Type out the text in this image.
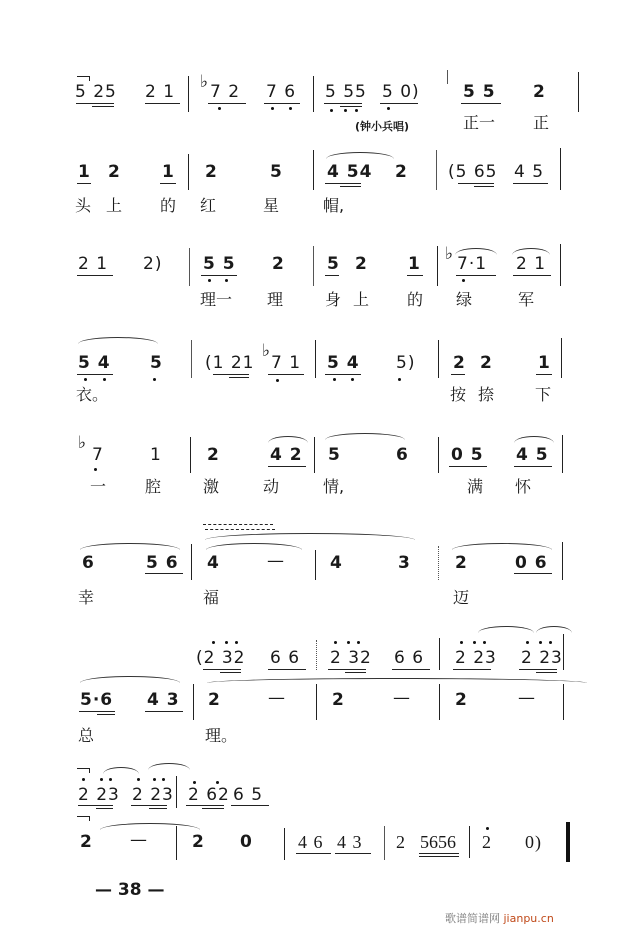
5 25 2 1 ♭ 7 2 7 6 5 55 5 0)	5 5 2
(钟小兵唱)	正一 正
1 2 1 2	5	4 54 2 (5 65 4 5
头 上 的 红	星	帽,
2 1 2) 5 5 2 5 2 1 ♭ 7·1 2 1
理一 理	身 上 的 绿	军
5 4 5 (1 21
♭
7 1 5 4 5) 2 2	1
衣。	按 捺	下
♭
7	1	2	4 2 5	6 0 5 4 5
一 腔	激	动	情,	满 怀
6	5 6 4	—	4	3	2	0 6
幸	福	迈
(2 32 6 6 2 32 6 6 2 23 2 23
5·6 4 3 2	—	2	—	2	—
总	理。
2 23 2 23 2 62 6 5
2 —	2 0	4 6 4 3 2 5656 2 0)
— 38 —
歌谱简谱网 jianpu.cn
